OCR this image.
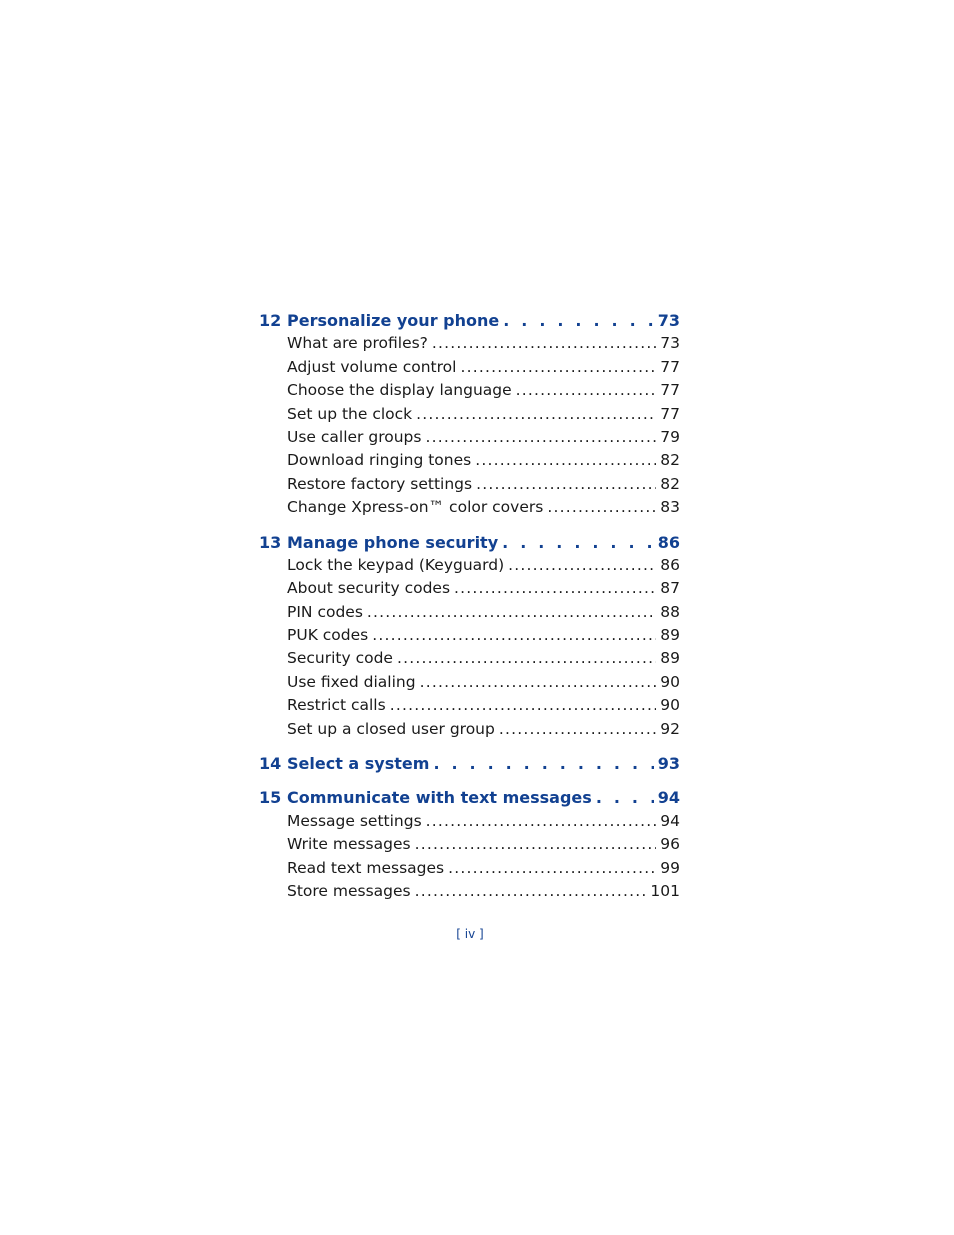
12 Personalize your phone . . .	73
What are profiles? .....	73
Adjust volume control .....	77
Choose the display language .....	77
Set up the clock .....	77
Use caller groups .....	79
Download ringing tones .....	82
Restore factory settings .....	82
Change Xpress-on™ color covers .....	83
13 Manage phone security . . .	86
Lock the keypad (Keyguard) .....	86
About security codes .....	87
PIN codes .....	88
PUK codes .....	89
Security code .....	89
Use fixed dialing .....	90
Restrict calls .....	90
Set up a closed user group .....	92
14 Select a system . . .	93
15 Communicate with text messages . . .	94
Message settings .....	94
Write messages .....	96
Read text messages .....	99
Store messages .....	101
[ iv ]
